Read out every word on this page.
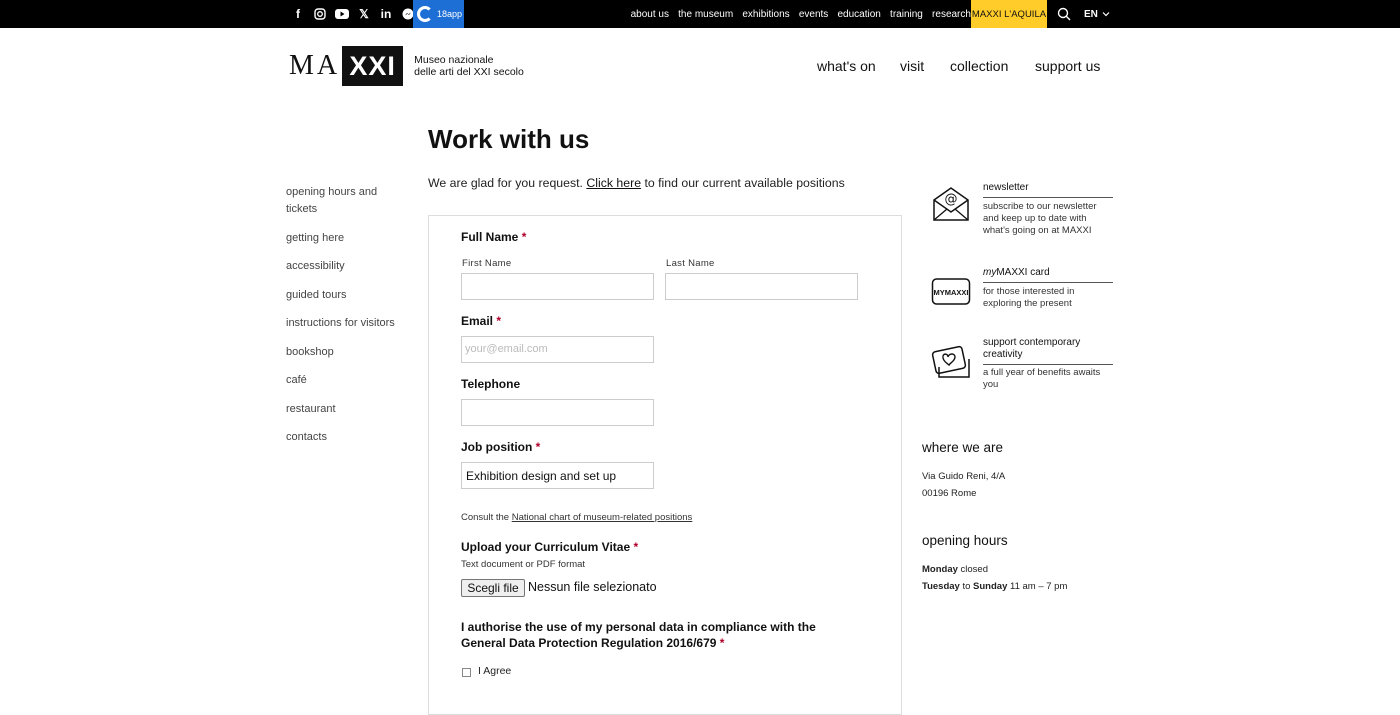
f	𝕏 in	18app	about us the museum exhibitions events education training research MAXXI L'AQUILA	EN
MA XXI	Museo nazionale
delle arti del XXI secolo	what's on visit collection support us
opening hours and tickets
getting here
accessibility
guided tours
instructions for visitors
bookshop
café
restaurant
contacts
Work with us

We are glad for you request. Click here to find our current available positions

Full Name *
First Name	Last Name
Email *
your@email.com
Telephone
Job position *
Exhibition design and set up
Consult the National chart of museum-related positions
Upload your Curriculum Vitae *
Text document or PDF format
Scegli file Nessun file selezionato
I authorise the use of my personal data in compliance with the General Data Protection Regulation 2016/679 *
I Agree
@
newsletter
subscribe to our newsletter and keep up to date with what's going on at MAXXI
MYMAXXI
myMAXXI card
for those interested in exploring the present
support contemporary creativity
a full year of benefits awaits you
where we are
Via Guido Reni, 4/A
00196 Rome
opening hours
Monday closed
Tuesday to Sunday 11 am – 7 pm
